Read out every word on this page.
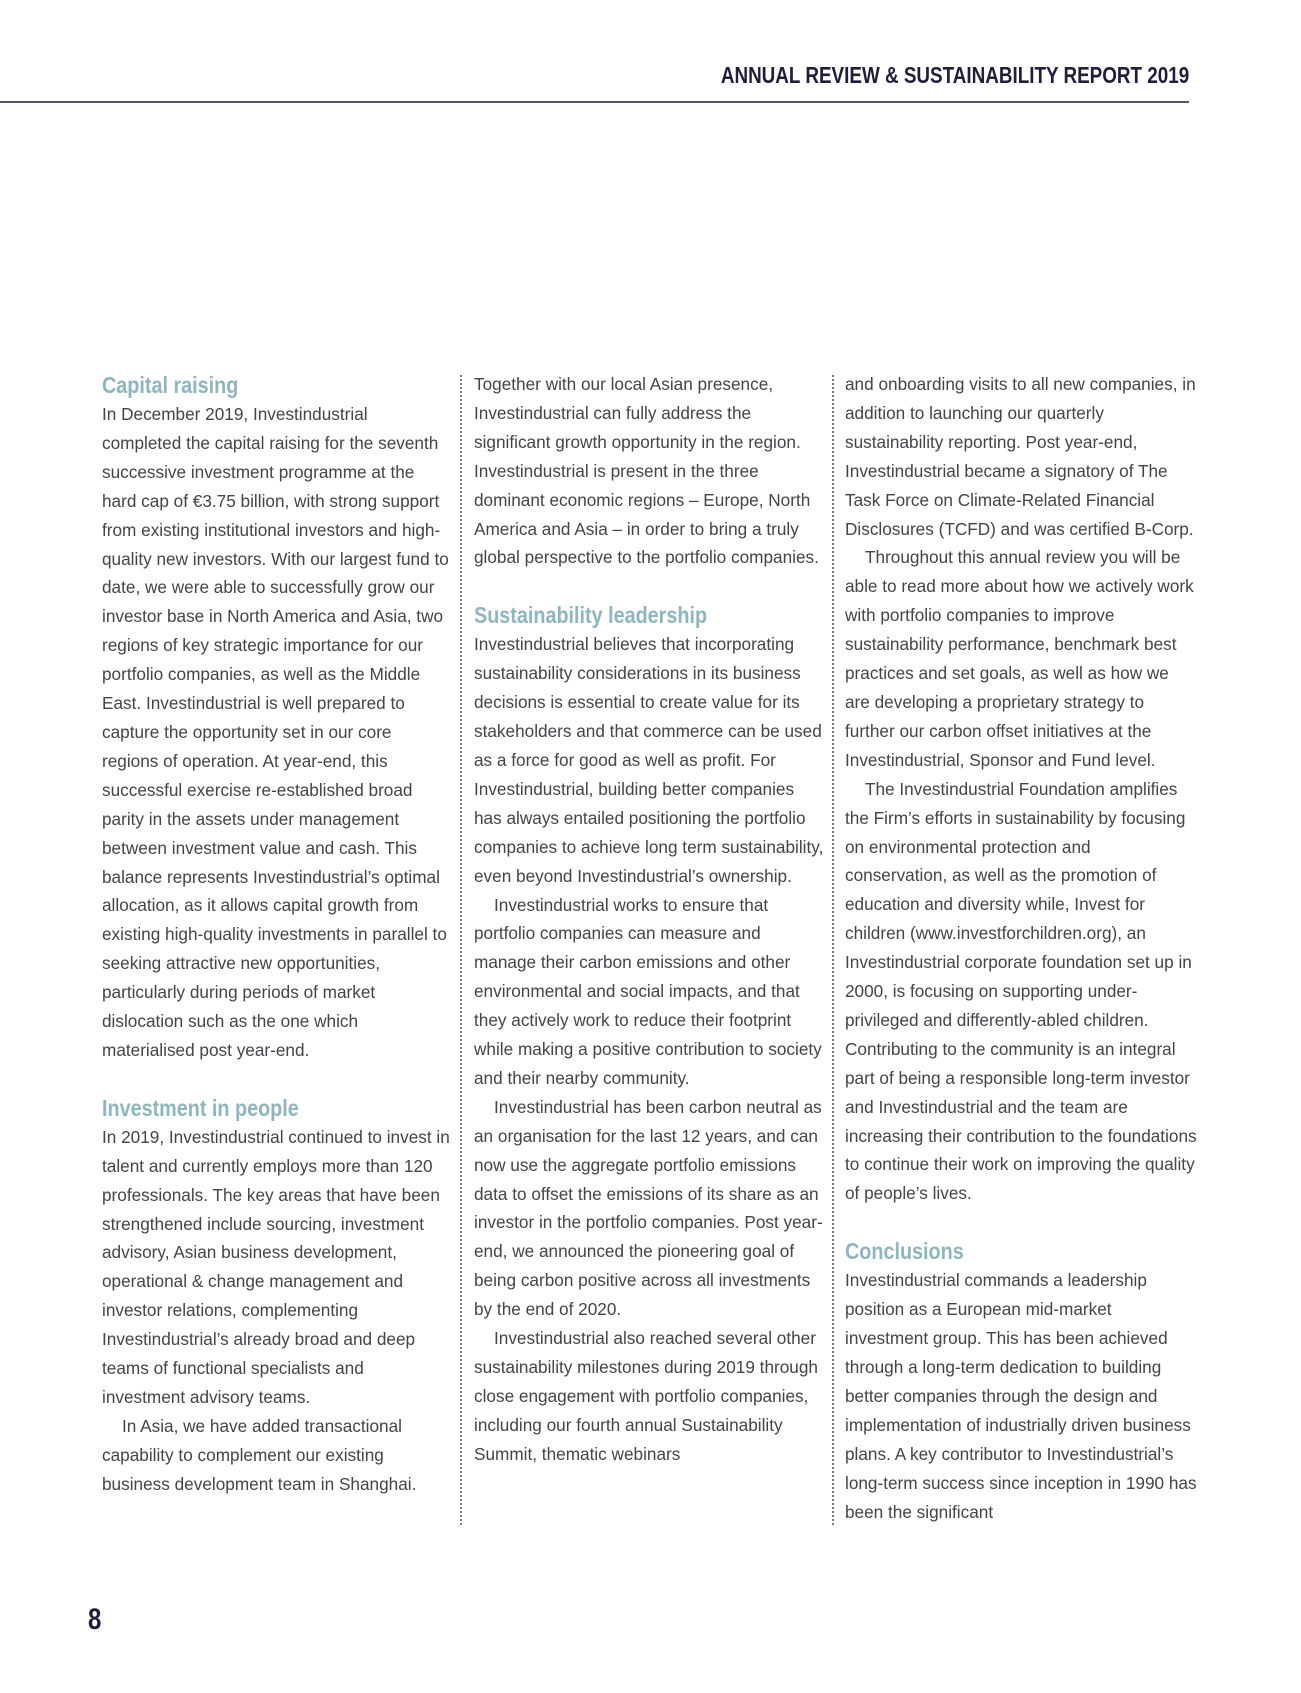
ANNUAL REVIEW & SUSTAINABILITY REPORT 2019
Capital raising

In December 2019, Investindustrial completed the capital raising for the seventh successive investment programme at the hard cap of €3.75 billion, with strong support from existing institutional investors and high-quality new investors. With our largest fund to date, we were able to successfully grow our investor base in North America and Asia, two regions of key strategic importance for our portfolio companies, as well as the Middle East. Investindustrial is well prepared to capture the opportunity set in our core regions of operation. At year-end, this successful exercise re-established broad parity in the assets under management between investment value and cash. This balance represents Investindustrial’s optimal allocation, as it allows capital growth from existing high-quality investments in parallel to seeking attractive new opportunities, particularly during periods of market dislocation such as the one which materialised post year-end.

Investment in people

In 2019, Investindustrial continued to invest in talent and currently employs more than 120 professionals. The key areas that have been strengthened include sourcing, investment advisory, Asian business development, operational & change management and investor relations, complementing Investindustrial’s already broad and deep teams of functional specialists and investment advisory teams.

In Asia, we have added transactional capability to complement our existing business development team in Shanghai.

Together with our local Asian presence, Investindustrial can fully address the significant growth opportunity in the region. Investindustrial is present in the three dominant economic regions – Europe, North America and Asia – in order to bring a truly global perspective to the portfolio companies.

Sustainability leadership

Investindustrial believes that incorporating sustainability considerations in its business decisions is essential to create value for its stakeholders and that commerce can be used as a force for good as well as profit. For Investindustrial, building better companies has always entailed positioning the portfolio companies to achieve long term sustainability, even beyond Investindustrial’s ownership.

Investindustrial works to ensure that portfolio companies can measure and manage their carbon emissions and other environmental and social impacts, and that they actively work to reduce their footprint while making a positive contribution to society and their nearby community.

Investindustrial has been carbon neutral as an organisation for the last 12 years, and can now use the aggregate portfolio emissions data to offset the emissions of its share as an investor in the portfolio companies. Post year-end, we announced the pioneering goal of being carbon positive across all investments by the end of 2020.

Investindustrial also reached several other sustainability milestones during 2019 through close engagement with portfolio companies, including our fourth annual Sustainability Summit, thematic webinars

and onboarding visits to all new companies, in addition to launching our quarterly sustainability reporting. Post year-end, Investindustrial became a signatory of The Task Force on Climate-Related Financial Disclosures (TCFD) and was certified B-Corp.

Throughout this annual review you will be able to read more about how we actively work with portfolio companies to improve sustainability performance, benchmark best practices and set goals, as well as how we are developing a proprietary strategy to further our carbon offset initiatives at the Investindustrial, Sponsor and Fund level.

The Investindustrial Foundation amplifies the Firm’s efforts in sustainability by focusing on environmental protection and conservation, as well as the promotion of education and diversity while, Invest for children (www.investforchildren.org), an Investindustrial corporate foundation set up in 2000, is focusing on supporting under-privileged and differently-abled children. Contributing to the community is an integral part of being a responsible long-term investor and Investindustrial and the team are increasing their contribution to the foundations to continue their work on improving the quality of people’s lives.

Conclusions

Investindustrial commands a leadership position as a European mid-market investment group. This has been achieved through a long-term dedication to building better companies through the design and implementation of industrially driven business plans. A key contributor to Investindustrial’s long-term success since inception in 1990 has been the significant

8
